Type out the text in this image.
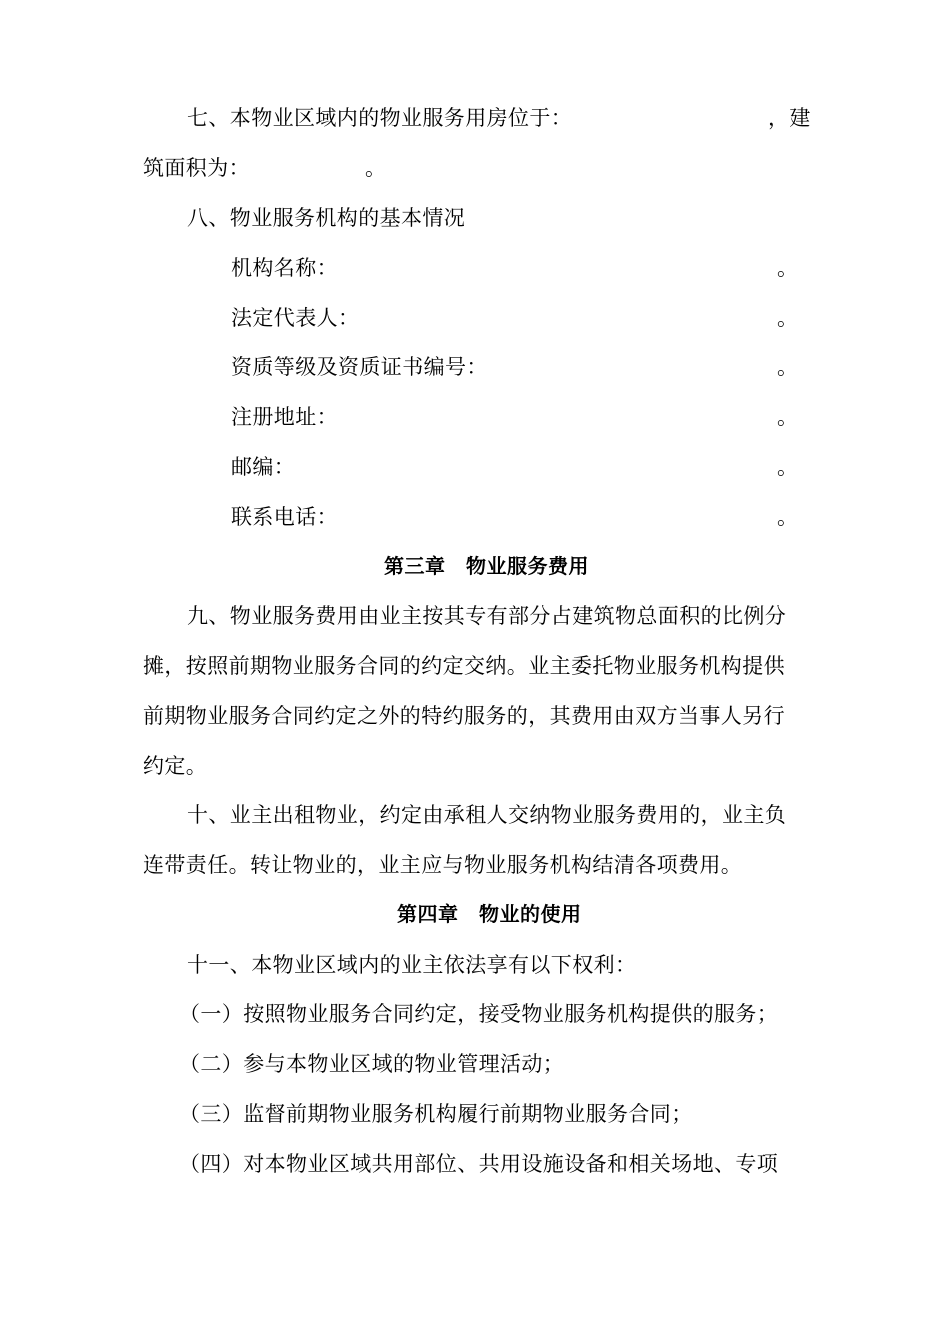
七、本物业区域内的物业服务用房位于：	，建
筑面积为：	。
八、物业服务机构的基本情况
机构名称：	。
法定代表人：	。
资质等级及资质证书编号：	。
注册地址：	。
邮编：	。
联系电话：	。
第三章　物业服务费用
九、物业服务费用由业主按其专有部分占建筑物总面积的比例分
摊，按照前期物业服务合同的约定交纳。业主委托物业服务机构提供
前期物业服务合同约定之外的特约服务的，其费用由双方当事人另行
约定。
十、业主出租物业，约定由承租人交纳物业服务费用的，业主负
连带责任。转让物业的，业主应与物业服务机构结清各项费用。
第四章　物业的使用
十一、本物业区域内的业主依法享有以下权利：
（一）按照物业服务合同约定，接受物业服务机构提供的服务；
（二）参与本物业区域的物业管理活动；
（三）监督前期物业服务机构履行前期物业服务合同；
（四）对本物业区域共用部位、共用设施设备和相关场地、专项
